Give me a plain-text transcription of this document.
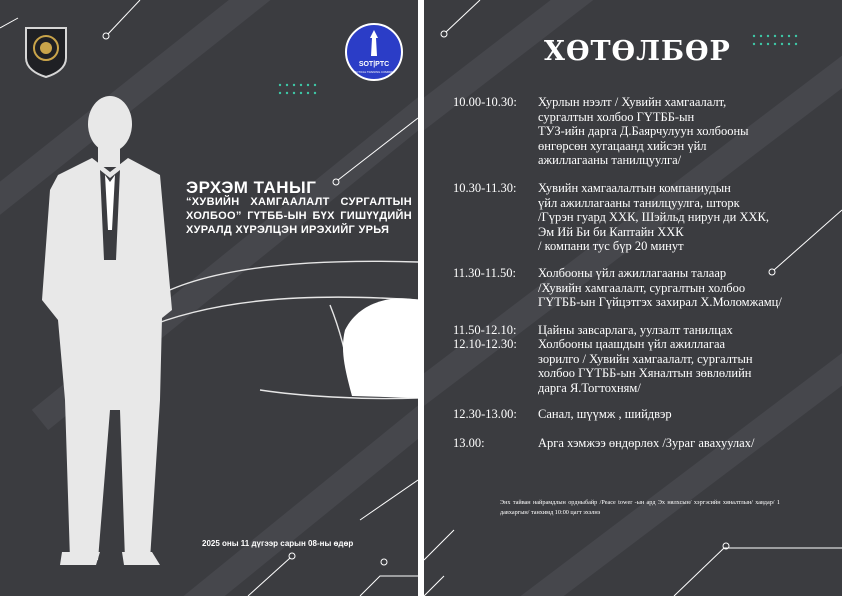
ЭРХЭМ ТАНЫГ
“ХУВИЙН ХАМГААЛАЛТ СУРГАЛТЫН ХОЛБОО” ГҮТББ-ЫН БҮХ ГИШҮҮДИЙН ХУРАЛД ХҮРЭЛЦЭН ИРЭХИЙГ УРЬЯ
2025 оны 11 дүгээр сарын 08-ны өдөр
ХӨТӨЛБӨР
10.00-10.30:	Хурлын нээлт / Хувийн хамгаалалт,
сургалтын холбоо ГҮТББ-ын
ТУЗ-ийн дарга Д.Баярчулуун холбооны
өнгөрсөн хугацаанд хийсэн үйл
ажиллагааны танилцуулга/
10.30-11.30:	Хувийн хамгаалалтын компаниудын
үйл ажиллагааны танилцуулга, шторк
/Гүрэн гуард ХХК, Шэйльд нирун ди ХХК,
Эм Ий Би би Каптайн ХХК
/ компани тус бүр 20 минут
11.30-11.50:	Холбооны үйл ажиллагааны талаар
/Хувийн хамгаалалт, сургалтын холбоо
ГҮТББ-ын Гүйцэтгэх захирал Х.Моломжамц/
11.50-12.10:	Цайны завсарлага, уулзалт танилцах
12.10-12.30:	Холбооны цаашдын үйл ажиллагаа
зорилго / Хувийн хамгаалалт, сургалтын
холбоо ГҮТББ-ын Хяналтын зөвлөлийн
дарга Я.Тогтохням/
12.30-13.00:	Санал, шүүмж , шийдвэр
13.00:	Арга хэмжээ өндөрлөх /Зураг авахуулах/
Энх тайван найрамдлын ордныбайр /Peace tower -ын ард Эх нялхсын/ хэргэсийн хяналтлын/ хавдар/ 1 давхаргын/ танхимд 10:00 цагт эхэлнэ
SOT|PTC
TACTICAL TRAINING COMPANY
